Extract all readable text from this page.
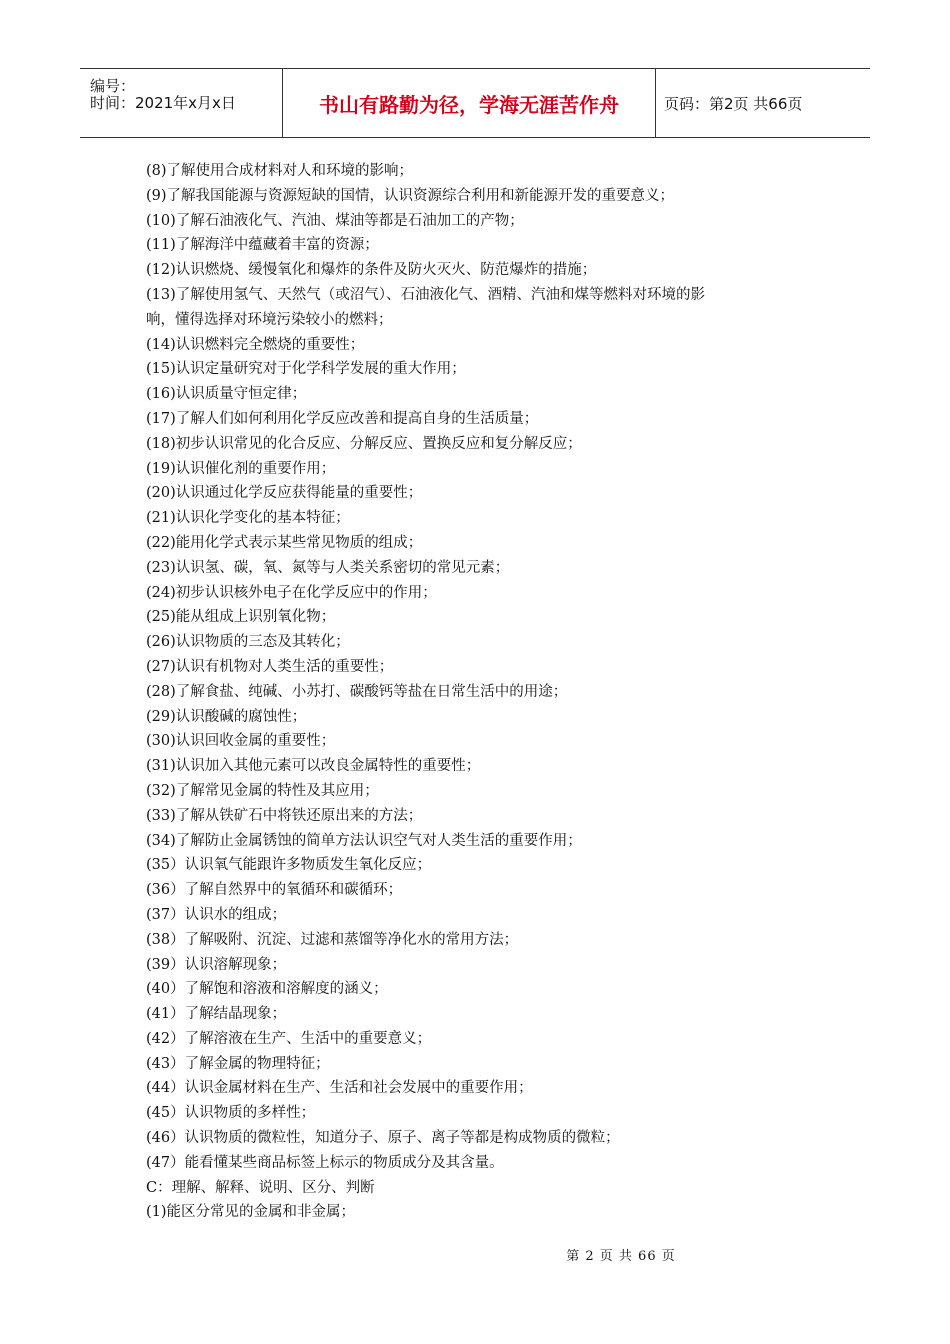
编号：
时间：2021年x月x日	书山有路勤为径，学海无涯苦作舟	页码：第2页 共66页
(8)了解使用合成材料对人和环境的影响；
(9)了解我国能源与资源短缺的国情，认识资源综合利用和新能源开发的重要意义；
(10)了解石油液化气、汽油、煤油等都是石油加工的产物；
(11)了解海洋中蕴藏着丰富的资源；
(12)认识燃烧、缓慢氧化和爆炸的条件及防火灭火、防范爆炸的措施；
(13)了解使用氢气、天然气（或沼气）、石油液化气、酒精、汽油和煤等燃料对环境的影
响，懂得选择对环境污染较小的燃料；
(14)认识燃料完全燃烧的重要性；
(15)认识定量研究对于化学科学发展的重大作用；
(16)认识质量守恒定律；
(17)了解人们如何利用化学反应改善和提高自身的生活质量；
(18)初步认识常见的化合反应、分解反应、置换反应和复分解反应；
(19)认识催化剂的重要作用；
(20)认识通过化学反应获得能量的重要性；
(21)认识化学变化的基本特征；
(22)能用化学式表示某些常见物质的组成；
(23)认识氢、碳，氧、氮等与人类关系密切的常见元素；
(24)初步认识核外电子在化学反应中的作用；
(25)能从组成上识别氧化物；
(26)认识物质的三态及其转化；
(27)认识有机物对人类生活的重要性；
(28)了解食盐、纯碱、小苏打、碳酸钙等盐在日常生活中的用途；
(29)认识酸碱的腐蚀性；
(30)认识回收金属的重要性；
(31)认识加入其他元素可以改良金属特性的重要性；
(32)了解常见金属的特性及其应用；
(33)了解从铁矿石中将铁还原出来的方法；
(34)了解防止金属锈蚀的简单方法认识空气对人类生活的重要作用；
(35）认识氧气能跟许多物质发生氧化反应；
(36）了解自然界中的氧循环和碳循环；
(37）认识水的组成；
(38）了解吸附、沉淀、过滤和蒸馏等净化水的常用方法；
(39）认识溶解现象；
(40）了解饱和溶液和溶解度的涵义；
(41）了解结晶现象；
(42）了解溶液在生产、生活中的重要意义；
(43）了解金属的物理特征；
(44）认识金属材料在生产、生活和社会发展中的重要作用；
(45）认识物质的多样性；
(46）认识物质的微粒性，知道分子、原子、离子等都是构成物质的微粒；
(47）能看懂某些商品标签上标示的物质成分及其含量。
C：理解、解释、说明、区分、判断
(1)能区分常见的金属和非金属；
第 2 页 共 66 页
